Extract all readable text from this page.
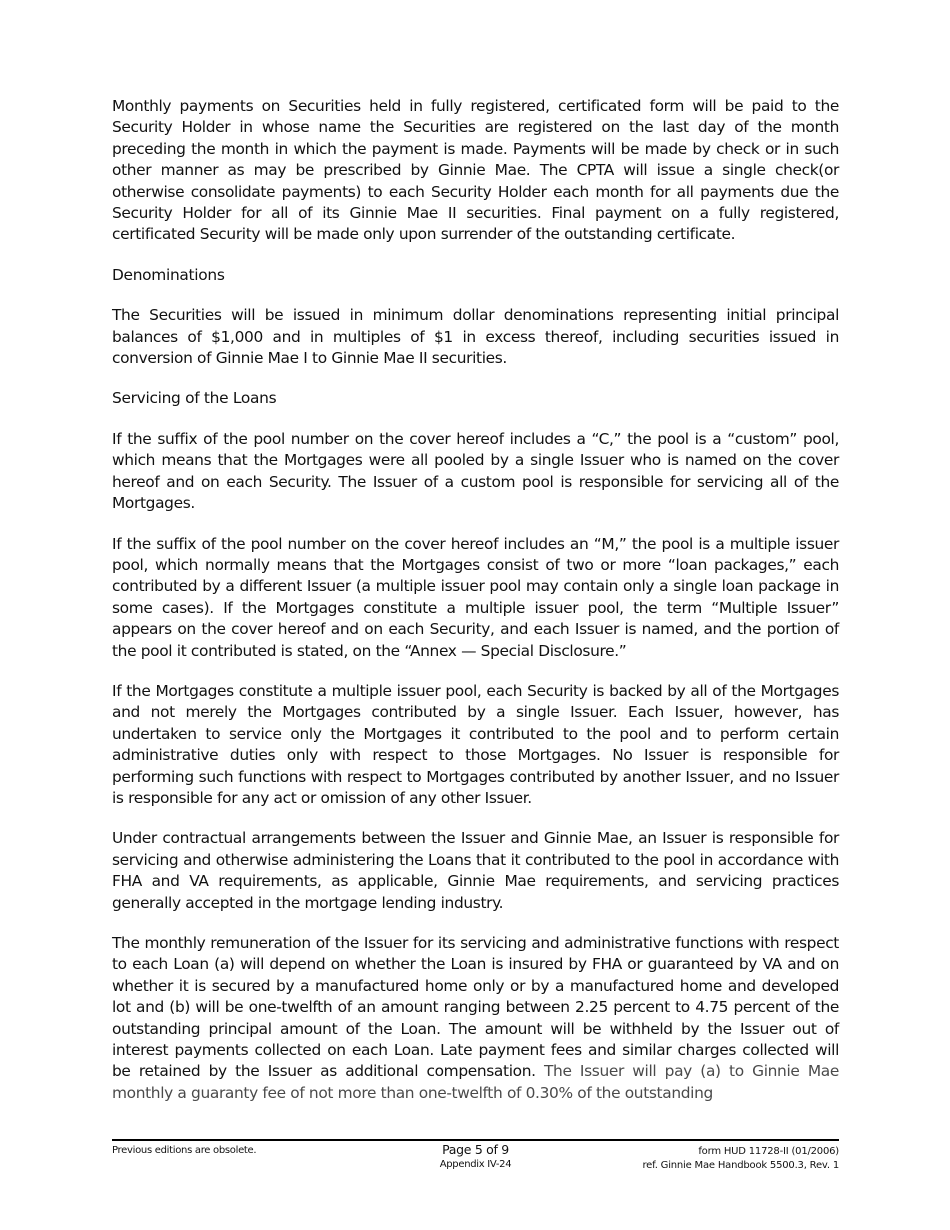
Monthly payments on Securities held in fully registered, certificated form will be paid to the Security Holder in whose name the Securities are registered on the last day of the month preceding the month in which the payment is made. Payments will be made by check or in such other manner as may be prescribed by Ginnie Mae. The CPTA will issue a single check(or otherwise consolidate payments) to each Security Holder each month for all payments due the Security Holder for all of its Ginnie Mae II securities. Final payment on a fully registered, certificated Security will be made only upon surrender of the outstanding certificate.

Denominations

The Securities will be issued in minimum dollar denominations representing initial principal balances of $1,000 and in multiples of $1 in excess thereof, including securities issued in conversion of Ginnie Mae I to Ginnie Mae II securities.

Servicing of the Loans

If the suffix of the pool number on the cover hereof includes a “C,” the pool is a “custom” pool, which means that the Mortgages were all pooled by a single Issuer who is named on the cover hereof and on each Security. The Issuer of a custom pool is responsible for servicing all of the Mortgages.

If the suffix of the pool number on the cover hereof includes an “M,” the pool is a multiple issuer pool, which normally means that the Mortgages consist of two or more “loan packages,” each contributed by a different Issuer (a multiple issuer pool may contain only a single loan package in some cases). If the Mortgages constitute a multiple issuer pool, the term “Multiple Issuer” appears on the cover hereof and on each Security, and each Issuer is named, and the portion of the pool it contributed is stated, on the “Annex — Special Disclosure.”

If the Mortgages constitute a multiple issuer pool, each Security is backed by all of the Mortgages and not merely the Mortgages contributed by a single Issuer. Each Issuer, however, has undertaken to service only the Mortgages it contributed to the pool and to perform certain administrative duties only with respect to those Mortgages. No Issuer is responsible for performing such functions with respect to Mortgages contributed by another Issuer, and no Issuer is responsible for any act or omission of any other Issuer.

Under contractual arrangements between the Issuer and Ginnie Mae, an Issuer is responsible for servicing and otherwise administering the Loans that it contributed to the pool in accordance with FHA and VA requirements, as applicable, Ginnie Mae requirements, and servicing practices generally accepted in the mortgage lending industry.

The monthly remuneration of the Issuer for its servicing and administrative functions with respect to each Loan (a) will depend on whether the Loan is insured by FHA or guaranteed by VA and on whether it is secured by a manufactured home only or by a manufactured home and developed lot and (b) will be one-twelfth of an amount ranging between 2.25 percent to 4.75 percent of the outstanding principal amount of the Loan. The amount will be withheld by the Issuer out of interest payments collected on each Loan. Late payment fees and similar charges collected will be retained by the Issuer as additional compensation. The Issuer will pay (a) to Ginnie Mae monthly a guaranty fee of not more than one-twelfth of 0.30% of the outstanding

Previous editions are obsolete.	Page 5 of 9
Appendix IV-24
form HUD 11728-II (01/2006)
ref. Ginnie Mae Handbook 5500.3, Rev. 1
